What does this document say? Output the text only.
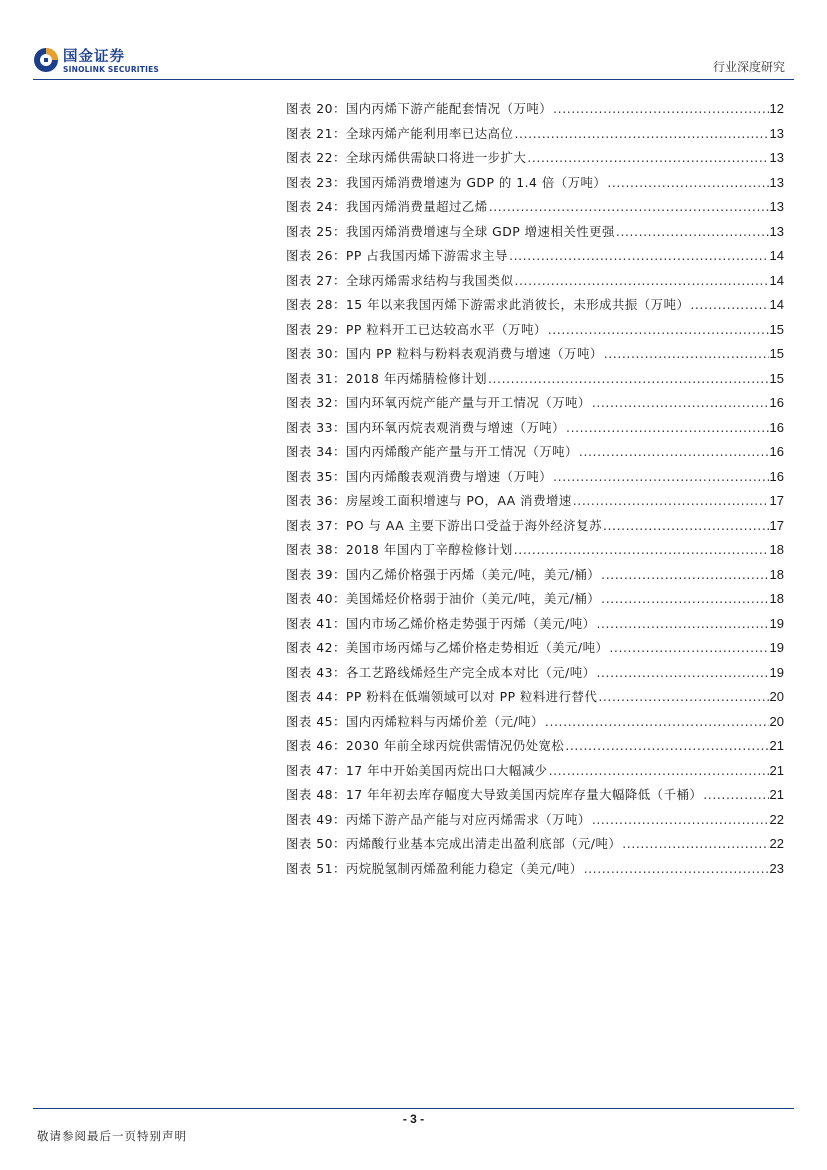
国金证券
SINOLINK SECURITIES	行业深度研究
图表 20：国内丙烯下游产能配套情况（万吨） .....	12
图表 21：全球丙烯产能利用率已达高位 .....	13
图表 22：全球丙烯供需缺口将进一步扩大 .....	13
图表 23：我国丙烯消费增速为 GDP 的 1.4 倍（万吨） .....	13
图表 24：我国丙烯消费量超过乙烯 .....	13
图表 25：我国丙烯消费增速与全球 GDP 增速相关性更强 .....	13
图表 26：PP 占我国丙烯下游需求主导 .....	14
图表 27：全球丙烯需求结构与我国类似 .....	14
图表 28：15 年以来我国丙烯下游需求此消彼长，未形成共振（万吨） .....	14
图表 29：PP 粒料开工已达较高水平（万吨） .....	15
图表 30：国内 PP 粒料与粉料表观消费与增速（万吨） .....	15
图表 31：2018 年丙烯腈检修计划 .....	15
图表 32：国内环氧丙烷产能产量与开工情况（万吨） .....	16
图表 33：国内环氧丙烷表观消费与增速（万吨） .....	16
图表 34：国内丙烯酸产能产量与开工情况（万吨） .....	16
图表 35：国内丙烯酸表观消费与增速（万吨） .....	16
图表 36：房屋竣工面积增速与 PO，AA 消费增速 .....	17
图表 37：PO 与 AA 主要下游出口受益于海外经济复苏 .....	17
图表 38：2018 年国内丁辛醇检修计划 .....	18
图表 39：国内乙烯价格强于丙烯（美元/吨，美元/桶） .....	18
图表 40：美国烯烃价格弱于油价（美元/吨，美元/桶） .....	18
图表 41：国内市场乙烯价格走势强于丙烯（美元/吨） .....	19
图表 42：美国市场丙烯与乙烯价格走势相近（美元/吨） .....	19
图表 43：各工艺路线烯烃生产完全成本对比（元/吨） .....	19
图表 44：PP 粉料在低端领域可以对 PP 粒料进行替代 .....	20
图表 45：国内丙烯粒料与丙烯价差（元/吨） .....	20
图表 46：2030 年前全球丙烷供需情况仍处宽松 .....	21
图表 47：17 年中开始美国丙烷出口大幅减少 .....	21
图表 48：17 年年初去库存幅度大导致美国丙烷库存量大幅降低（千桶） .....	21
图表 49：丙烯下游产品产能与对应丙烯需求（万吨） .....	22
图表 50：丙烯酸行业基本完成出清走出盈利底部（元/吨） .....	22
图表 51：丙烷脱氢制丙烯盈利能力稳定（美元/吨） .....	23
- 3 -
敬请参阅最后一页特别声明
